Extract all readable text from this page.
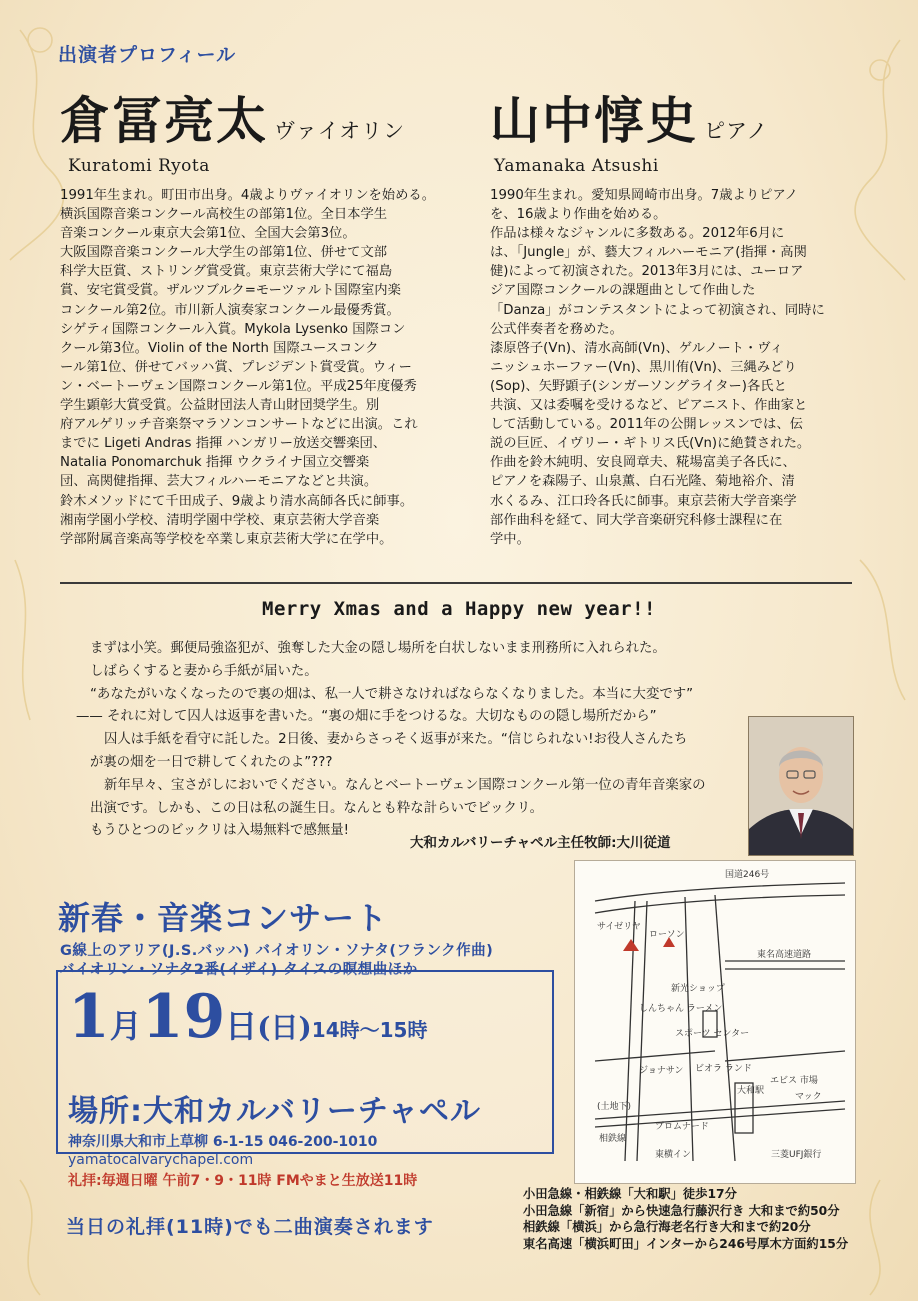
出演者プロフィール
倉冨亮太 ヴァイオリン
Kuratomi Ryota

1991年生まれ。町田市出身。4歳よりヴァイオリンを始める。

横浜国際音楽コンクール高校生の部第1位。全日本学生

音楽コンクール東京大会第1位、全国大会第3位。

大阪国際音楽コンクール大学生の部第1位、併せて文部

科学大臣賞、ストリング賞受賞。東京芸術大学にて福島

賞、安宅賞受賞。ザルツブルク=モーツァルト国際室内楽

コンクール第2位。市川新人演奏家コンクール最優秀賞。

シゲティ国際コンクール入賞。Mykola Lysenko 国際コン

クール第3位。Violin of the North 国際ユースコンク

ール第1位、併せてバッハ賞、プレジデント賞受賞。ウィー

ン・ベートーヴェン国際コンクール第1位。平成25年度優秀

学生顕彰大賞受賞。公益財団法人青山財団奨学生。別

府アルゲリッチ音楽祭マラソンコンサートなどに出演。これ

までに Ligeti Andras 指揮 ハンガリー放送交響楽団、

Natalia Ponomarchuk 指揮 ウクライナ国立交響楽

団、高関健指揮、芸大フィルハーモニアなどと共演。

鈴木メソッドにて千田成子、9歳より清水高師各氏に師事。

湘南学園小学校、清明学園中学校、東京芸術大学音楽

学部附属音楽高等学校を卒業し東京芸術大学に在学中。

山中惇史 ピアノ
Yamanaka Atsushi

1990年生まれ。愛知県岡崎市出身。7歳よりピアノ

を、16歳より作曲を始める。

作品は様々なジャンルに多数ある。2012年6月に

は、「Jungle」が、藝大フィルハーモニア(指揮・高関

健)によって初演された。2013年3月には、ユーロア

ジア国際コンクールの課題曲として作曲した

「Danza」がコンテスタントによって初演され、同時に

公式伴奏者を務めた。

漆原啓子(Vn)、清水高師(Vn)、ゲルノート・ヴィ

ニッシュホーファー(Vn)、黒川侑(Vn)、三縄みどり

(Sop)、矢野顕子(シンガーソングライター)各氏と

共演、又は委嘱を受けるなど、ピアニスト、作曲家と

して活動している。2011年の公開レッスンでは、伝

説の巨匠、イヴリー・ギトリス氏(Vn)に絶賛された。

作曲を鈴木純明、安良岡章夫、糀場富美子各氏に、

ピアノを森陽子、山泉薫、白石光隆、菊地裕介、清

水くるみ、江口玲各氏に師事。東京芸術大学音楽学

部作曲科を経て、同大学音楽研究科修士課程に在

学中。

Merry Xmas and a Happy new year!!

まずは小笑。郵便局強盗犯が、強奪した大金の隠し場所を白状しないまま刑務所に入れられた。

しばらくすると妻から手紙が届いた。

“あなたがいなくなったので裏の畑は、私一人で耕さなければならなくなりました。本当に大変です”

—— それに対して囚人は返事を書いた。“裏の畑に手をつけるな。大切なものの隠し場所だから”

囚人は手紙を看守に託した。2日後、妻からさっそく返事が来た。“信じられない!お役人さんたち

が裏の畑を一日で耕してくれたのよ”???

新年早々、宝さがしにおいでください。なんとベートーヴェン国際コンクール第一位の青年音楽家の

出演です。しかも、この日は私の誕生日。なんとも粋な計らいでビックリ。

もうひとつのビックリは入場無料で感無量!

大和カルバリーチャペル主任牧師:大川従道
新春・音楽コンサート
G線上のアリア(J.S.バッハ) バイオリン・ソナタ(フランク作曲)
バイオリン・ソナタ2番(イザイ) タイスの瞑想曲ほか
1月19日(日)14時〜15時
場所:大和カルバリーチャペル
神奈川県大和市上草柳 6-1-15 046-200-1010
yamatocalvarychapel.com
礼拝:毎週日曜 午前7・9・11時 FMやまと生放送11時
当日の礼拝(11時)でも二曲演奏されます
国道246号
東名高速道路
ローソン
サイゼリヤ
新光ショップ
しんちゃん ラーメン
スポーツ センター
ジョナサン ビオラ ランド
大和駅
マック
エビス 市場
相鉄線
(土地下)
東横イン	三菱UFJ銀行
プロムナード

小田急線・相鉄線「大和駅」徒歩17分

小田急線「新宿」から快速急行藤沢行き 大和まで約50分

相鉄線「横浜」から急行海老名行き大和まで約20分

東名高速「横浜町田」インターから246号厚木方面約15分
